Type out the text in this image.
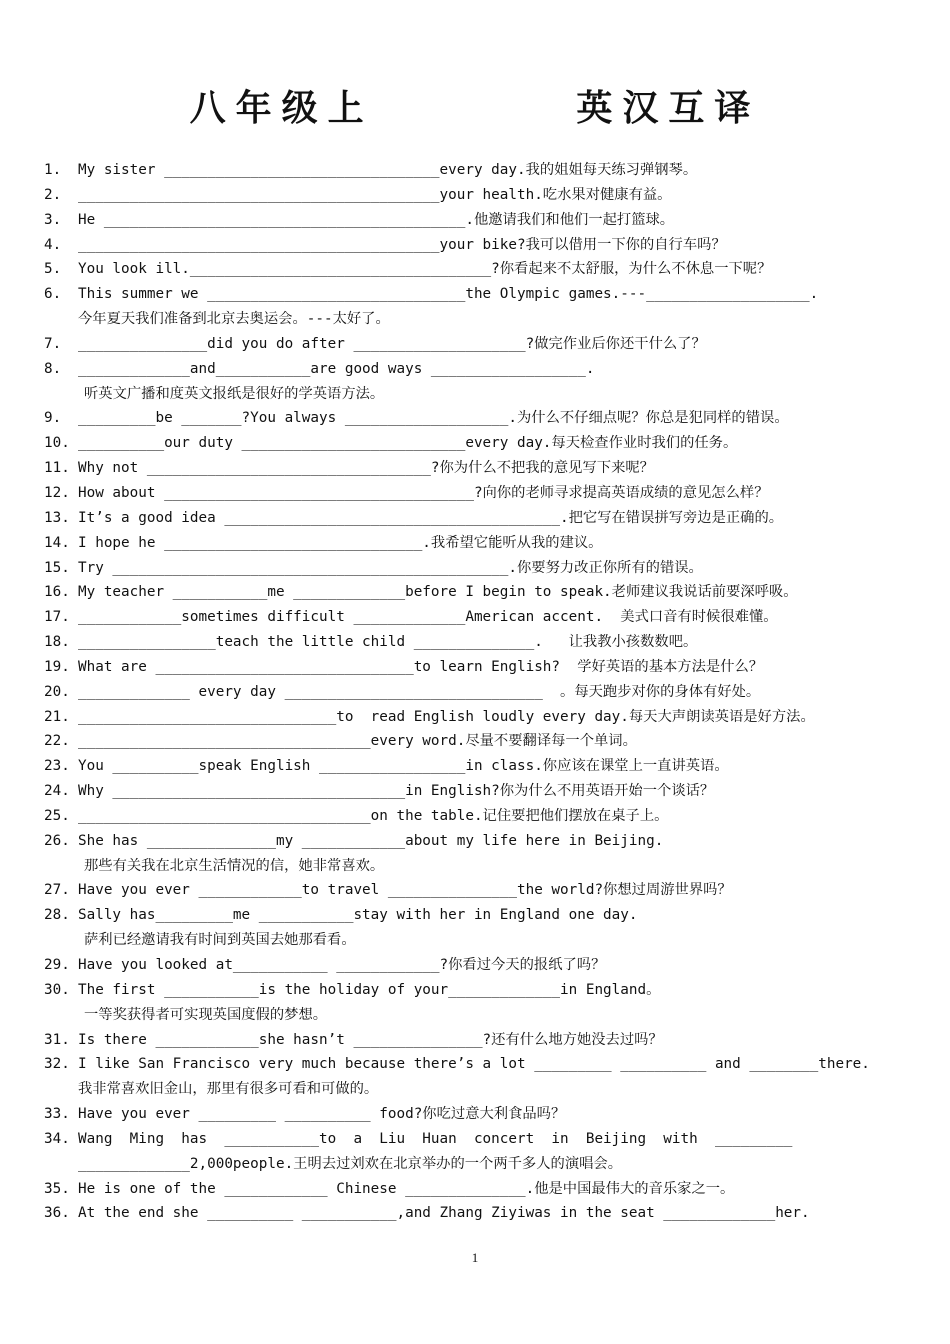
八年级上         英汉互译
1. My sister ________________________________every day.我的姐姐每天练习弹钢琴。
2. __________________________________________your health.吃水果对健康有益。
3. He __________________________________________.他邀请我们和他们一起打篮球。
4. __________________________________________your bike?我可以借用一下你的自行车吗？
5. You look ill.___________________________________?你看起来不太舒服，为什么不休息一下呢？
6. This summer we ______________________________the Olympic games.---___________________.
今年夏天我们准备到北京去奥运会。---太好了。
7. _______________did you do after ____________________?做完作业后你还干什么了？
8. _____________and___________are good ways __________________.
听英文广播和度英文报纸是很好的学英语方法。
9. _________be _______?You always ___________________.为什么不仔细点呢？你总是犯同样的错误。
10. __________our duty __________________________every day.每天检查作业时我们的任务。
11. Why not _________________________________?你为什么不把我的意见写下来呢？
12. How about ____________________________________?向你的老师寻求提高英语成绩的意见怎么样？
13. It’s a good idea _______________________________________.把它写在错误拼写旁边是正确的。
14. I hope he ______________________________.我希望它能听从我的建议。
15. Try ______________________________________________.你要努力改正你所有的错误。
16. My teacher ___________me _____________before I begin to speak.老师建议我说话前要深呼吸。
17. ____________sometimes difficult _____________American accent.  美式口音有时候很难懂。
18. ________________teach the little child ______________.   让我教小孩数数吧。
19. What are ______________________________to learn English?  学好英语的基本方法是什么？
20. _____________ every day ______________________________  。每天跑步对你的身体有好处。
21. ______________________________to  read English loudly every day.每天大声朗读英语是好方法。
22. __________________________________every word.尽量不要翻译每一个单词。
23. You __________speak English _________________in class.你应该在课堂上一直讲英语。
24. Why __________________________________in English?你为什么不用英语开始一个谈话？
25. __________________________________on the table.记住要把他们摆放在桌子上。
26. She has _______________my ____________about my life here in Beijing.
那些有关我在北京生活情况的信，她非常喜欢。
27. Have you ever ____________to travel _______________the world?你想过周游世界吗？
28. Sally has_________me ___________stay with her in England one day.
萨利已经邀请我有时间到英国去她那看看。
29. Have you looked at___________ ____________?你看过今天的报纸了吗？
30. The first ___________is the holiday of your_____________in England。
一等奖获得者可实现英国度假的梦想。
31. Is there ____________she hasn’t _______________?还有什么地方她没去过吗？
32. I like San Francisco very much because there’s a lot _________ __________ and ________there.
我非常喜欢旧金山，那里有很多可看和可做的。
33. Have you ever _________ __________ food?你吃过意大利食品吗？
34. Wang  Ming  has  ___________to  a  Liu  Huan  concert  in  Beijing  with  _________
_____________2,000people.王明去过刘欢在北京举办的一个两千多人的演唱会。
35. He is one of the ____________ Chinese ______________.他是中国最伟大的音乐家之一。
36. At the end she __________ ___________,and Zhang Ziyiwas in the seat _____________her.
1
